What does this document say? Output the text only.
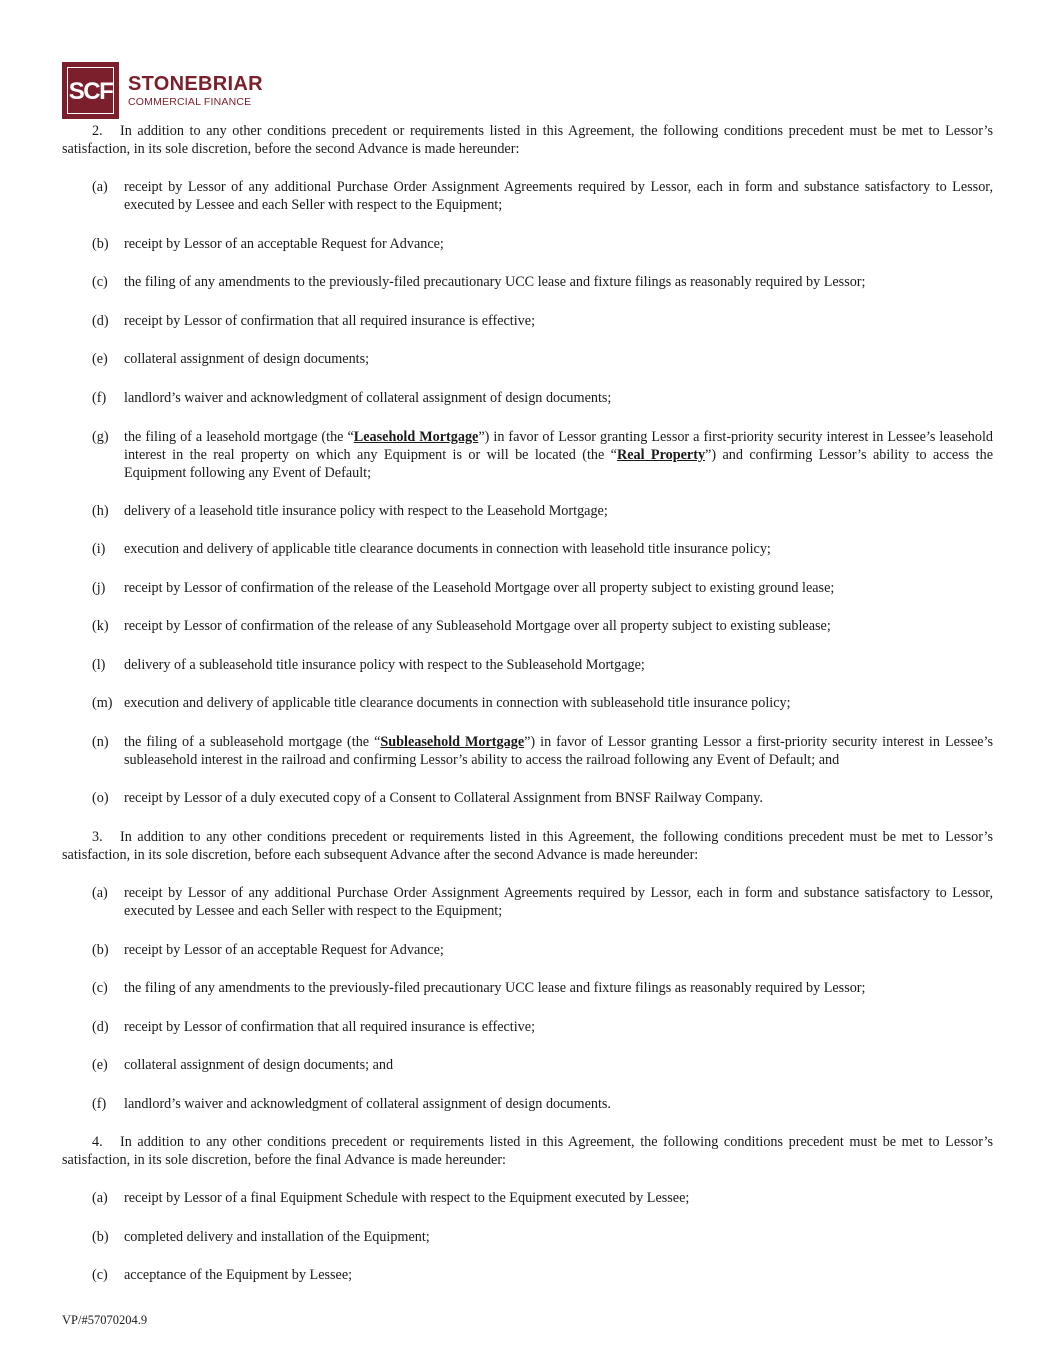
SCF STONEBRIAR
COMMERCIAL FINANCE
2. In addition to any other conditions precedent or requirements listed in this Agreement, the following conditions precedent must be met to Lessor’s satisfaction, in its sole discretion, before the second Advance is made hereunder:
(a) receipt by Lessor of any additional Purchase Order Assignment Agreements required by Lessor, each in form and substance satisfactory to Lessor, executed by Lessee and each Seller with respect to the Equipment;
(b) receipt by Lessor of an acceptable Request for Advance;
(c) the filing of any amendments to the previously-filed precautionary UCC lease and fixture filings as reasonably required by Lessor;
(d) receipt by Lessor of confirmation that all required insurance is effective;
(e) collateral assignment of design documents;
(f) landlord’s waiver and acknowledgment of collateral assignment of design documents;
(g) the filing of a leasehold mortgage (the “Leasehold Mortgage”) in favor of Lessor granting Lessor a first-priority security interest in Lessee’s leasehold interest in the real property on which any Equipment is or will be located (the “Real Property”) and confirming Lessor’s ability to access the Equipment following any Event of Default;
(h) delivery of a leasehold title insurance policy with respect to the Leasehold Mortgage;
(i) execution and delivery of applicable title clearance documents in connection with leasehold title insurance policy;
(j) receipt by Lessor of confirmation of the release of the Leasehold Mortgage over all property subject to existing ground lease;
(k) receipt by Lessor of confirmation of the release of any Subleasehold Mortgage over all property subject to existing sublease;
(l) delivery of a subleasehold title insurance policy with respect to the Subleasehold Mortgage;
(m) execution and delivery of applicable title clearance documents in connection with subleasehold title insurance policy;
(n) the filing of a subleasehold mortgage (the “Subleasehold Mortgage”) in favor of Lessor granting Lessor a first-priority security interest in Lessee’s subleasehold interest in the railroad and confirming Lessor’s ability to access the railroad following any Event of Default; and
(o) receipt by Lessor of a duly executed copy of a Consent to Collateral Assignment from BNSF Railway Company.
3. In addition to any other conditions precedent or requirements listed in this Agreement, the following conditions precedent must be met to Lessor’s satisfaction, in its sole discretion, before each subsequent Advance after the second Advance is made hereunder:
(a) receipt by Lessor of any additional Purchase Order Assignment Agreements required by Lessor, each in form and substance satisfactory to Lessor, executed by Lessee and each Seller with respect to the Equipment;
(b) receipt by Lessor of an acceptable Request for Advance;
(c) the filing of any amendments to the previously-filed precautionary UCC lease and fixture filings as reasonably required by Lessor;
(d) receipt by Lessor of confirmation that all required insurance is effective;
(e) collateral assignment of design documents; and
(f) landlord’s waiver and acknowledgment of collateral assignment of design documents.
4. In addition to any other conditions precedent or requirements listed in this Agreement, the following conditions precedent must be met to Lessor’s satisfaction, in its sole discretion, before the final Advance is made hereunder:
(a) receipt by Lessor of a final Equipment Schedule with respect to the Equipment executed by Lessee;
(b) completed delivery and installation of the Equipment;
(c) acceptance of the Equipment by Lessee;
VP/#57070204.9
